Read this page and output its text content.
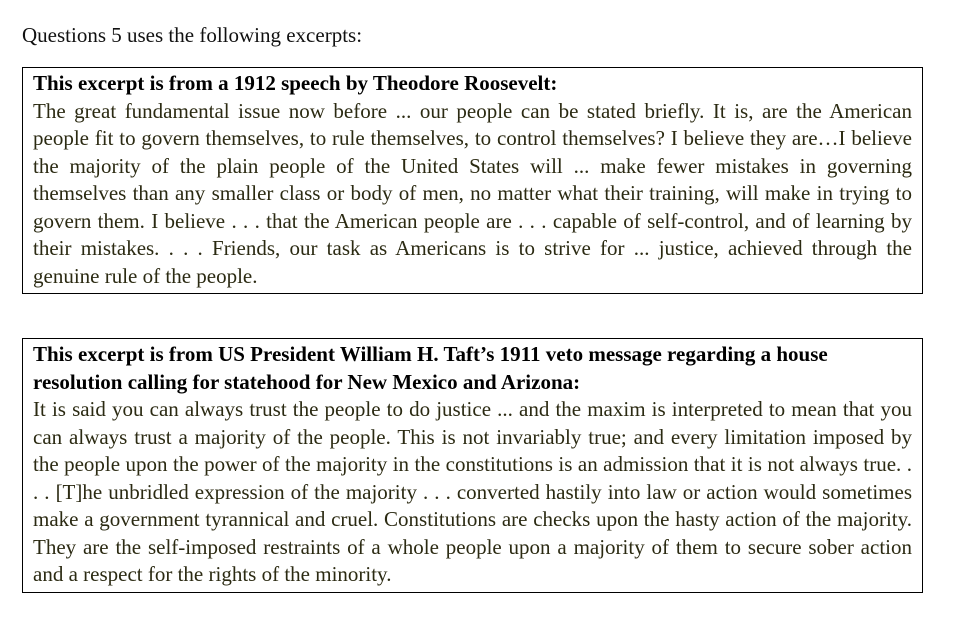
Questions 5 uses the following excerpts:

This excerpt is from a 1912 speech by Theodore Roosevelt:

The great fundamental issue now before ... our people can be stated briefly. It is, are the American people fit to govern themselves, to rule themselves, to control themselves? I believe they are…I believe the majority of the plain people of the United States will ... make fewer mistakes in governing themselves than any smaller class or body of men, no matter what their training, will make in trying to govern them. I believe . . . that the American people are . . . capable of self-control, and of learning by their mistakes. . . . Friends, our task as Americans is to strive for ... justice, achieved through the genuine rule of the people.

This excerpt is from US President William H. Taft’s 1911 veto message regarding a house resolution calling for statehood for New Mexico and Arizona:

It is said you can always trust the people to do justice ... and the maxim is interpreted to mean that you can always trust a majority of the people. This is not invariably true; and every limitation imposed by the people upon the power of the majority in the constitutions is an admission that it is not always true. . . . [T]he unbridled expression of the majority . . . converted hastily into law or action would sometimes make a government tyrannical and cruel. Constitutions are checks upon the hasty action of the majority. They are the self-imposed restraints of a whole people upon a majority of them to secure sober action and a respect for the rights of the minority.
